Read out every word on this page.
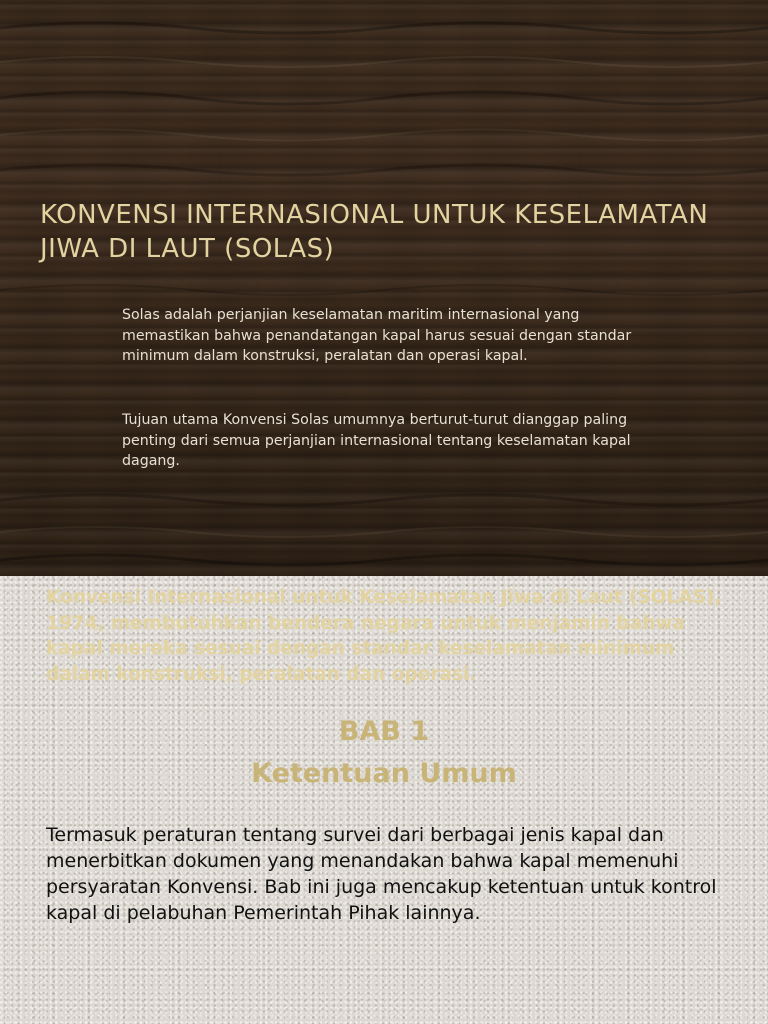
KONVENSI INTERNASIONAL UNTUK KESELAMATAN JIWA DI LAUT (SOLAS)

Solas adalah perjanjian keselamatan maritim internasional yang memastikan bahwa penandatangan kapal harus sesuai dengan standar minimum dalam konstruksi, peralatan dan operasi kapal.

Tujuan utama Konvensi Solas umumnya berturut-turut dianggap paling penting dari semua perjanjian internasional tentang keselamatan kapal dagang.

Konvensi Internasional untuk Keselamatan Jiwa di Laut (SOLAS), 1974, membutuhkan bendera negara untuk menjamin bahwa kapal mereka sesuai dengan standar keselamatan minimum dalam konstruksi, peralatan dan operasi.

BAB 1
Ketentuan Umum

Termasuk peraturan tentang survei dari berbagai jenis kapal dan menerbitkan dokumen yang menandakan bahwa kapal memenuhi persyaratan Konvensi. Bab ini juga mencakup ketentuan untuk kontrol kapal di pelabuhan Pemerintah Pihak lainnya.
